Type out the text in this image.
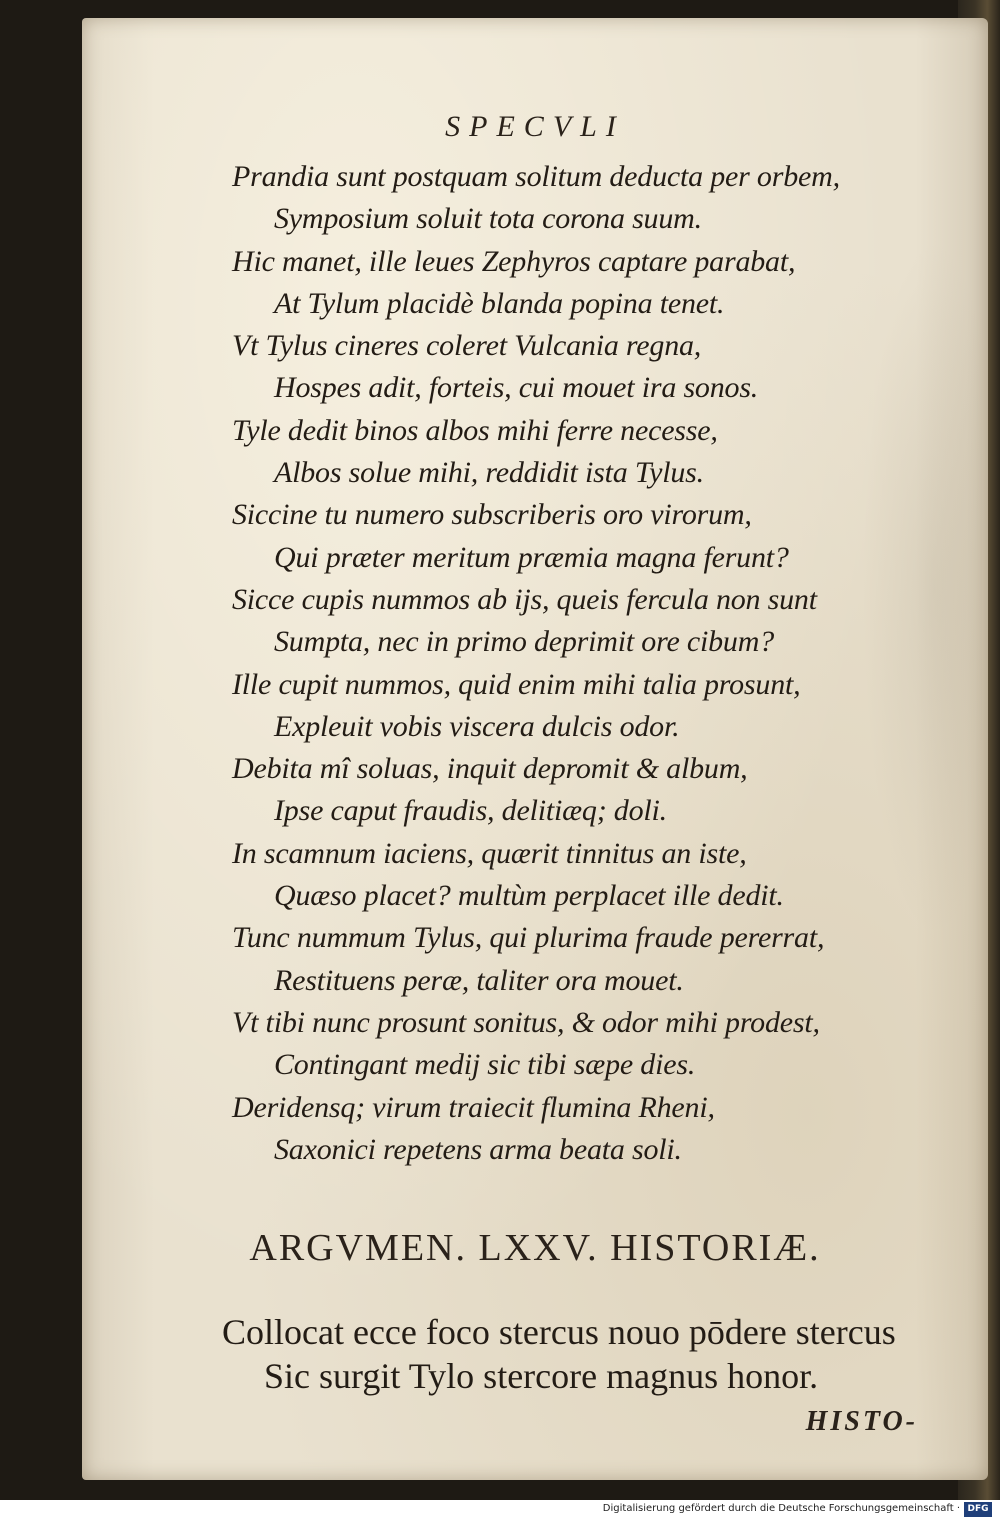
SPECVLI
Prandia sunt postquam solitum deducta per orbem,
Symposium soluit tota corona suum.
Hic manet, ille leues Zephyros captare parabat,
At Tylum placidè blanda popina tenet.
Vt Tylus cineres coleret Vulcania regna,
Hospes adit, forteis, cui mouet ira sonos.
Tyle dedit binos albos mihi ferre necesse,
Albos solue mihi, reddidit ista Tylus.
Siccine tu numero subscriberis oro virorum,
Qui præter meritum præmia magna ferunt?
Sicce cupis nummos ab ijs, queis fercula non sunt
Sumpta, nec in primo deprimit ore cibum?
Ille cupit nummos, quid enim mihi talia prosunt,
Expleuit vobis viscera dulcis odor.
Debita mî soluas, inquit depromit & album,
Ipse caput fraudis, delitiæq; doli.
In scamnum iaciens, quærit tinnitus an iste,
Quæso placet? multùm perplacet ille dedit.
Tunc nummum Tylus, qui plurima fraude pererrat,
Restituens peræ, taliter ora mouet.
Vt tibi nunc prosunt sonitus, & odor mihi prodest,
Contingant medij sic tibi sæpe dies.
Deridensq; virum traiecit flumina Rheni,
Saxonici repetens arma beata soli.
ARGVMEN. LXXV. HISTORIÆ.
Collocat ecce foco stercus nouo pōdere stercus
Sic surgit Tylo stercore magnus honor.
HISTO-
Digitalisierung gefördert durch die Deutsche Forschungsgemeinschaft · DFG
